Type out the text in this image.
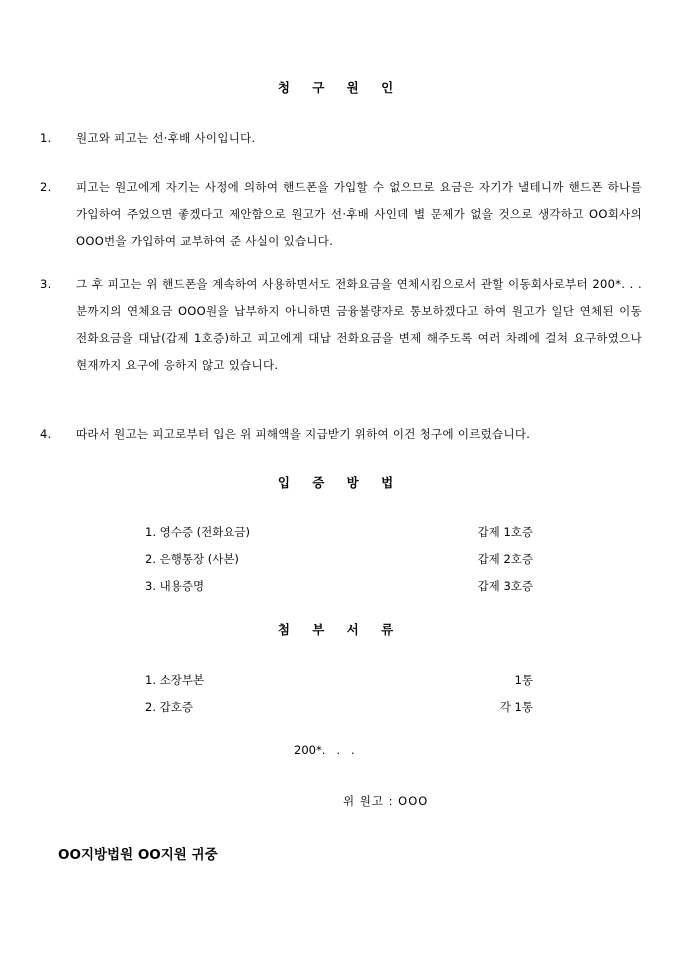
청 구 원 인
1. 원고와 피고는 선·후배 사이입니다.
2. 피고는 원고에게 자기는 사정에 의하여 핸드폰을 가입할 수 없으므로 요금은 자기가 낼테니까 핸드폰 하나를 가입하여 주었으면 좋겠다고 제안함으로 원고가 선·후배 사인데 별 문제가 없을 것으로 생각하고 OO회사의 OOO번을 가입하여 교부하여 준 사실이 있습니다.
3. 그 후 피고는 위 핸드폰을 계속하여 사용하면서도 전화요금을 연체시킴으로서 관할 이동회사로부터 200*. . .분까지의 연체요금 OOO원을 납부하지 아니하면 금융불량자로 통보하겠다고 하여 원고가 일단 연체된 이동 전화요금을 대납(갑제 1호증)하고 피고에게 대납 전화요금을 변제 해주도록 여러 차례에 걸쳐 요구하였으나 현재까지 요구에 응하지 않고 있습니다.
4. 따라서 원고는 피고로부터 입은 위 피해액을 지급받기 위하여 이건 청구에 이르렀습니다.
입 증 방 법
1. 영수증 (전화요금)	갑제 1호증
2. 은행통장 (사본)	갑제 2호증
3. 내용증명	갑제 3호증
첨 부 서 류
1. 소장부본	1통
2. 갑호증	각 1통
200*.   .   .
위 원고 : OOO
OO지방법원 OO지원 귀중
